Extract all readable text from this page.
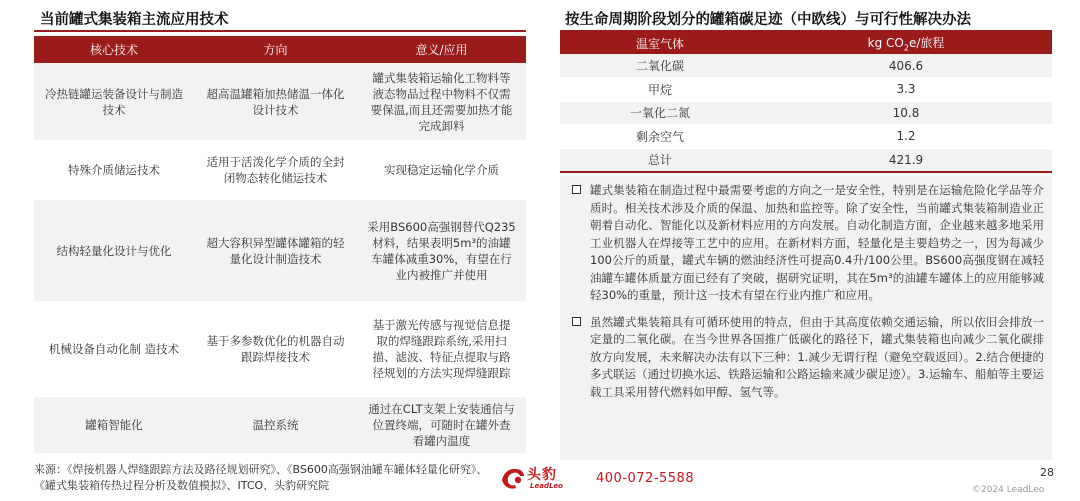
当前罐式集装箱主流应用技术
核心技术	方向	意义/应用
冷热链罐运装备设计与制造技术	超高温罐箱加热储温一体化设计技术	罐式集装箱运输化工物料等液态物品过程中物料不仅需要保温,而且还需要加热才能完成卸料
特殊介质储运技术	适用于活泼化学介质的全封闭物态转化储运技术	实现稳定运输化学介质
结构轻量化设计与优化	超大容积异型罐体罐箱的轻量化设计制造技术	采用BS600高强钢替代Q235材料，结果表明5m³的油罐车罐体减重30%，有望在行业内被推广并使用
机械设备自动化制 造技术	基于多参数优化的机器自动跟踪焊接技术	基于激光传感与视觉信息提取的焊缝跟踪系统,采用扫描、滤波、特征点提取与路径规划的方法实现焊缝跟踪
罐箱智能化	温控系统	通过在CLT支架上安装通信与位置终端，可随时在罐外查看罐内温度
按生命周期阶段划分的罐箱碳足迹（中欧线）与可行性解决办法
温室气体	kg $CO_2e/$旅程
二氧化碳	406.6
甲烷	3.3
一氧化二氮	10.8
剩余空气	1.2
总计	421.9
罐式集装箱在制造过程中最需要考虑的方向之一是安全性，特别是在运输危险化学品等介质时。相关技术涉及介质的保温、加热和监控等。除了安全性，当前罐式集装箱制造业正朝着自动化、智能化以及新材料应用的方向发展。自动化制造方面，企业越来越多地采用工业机器人在焊接等工艺中的应用。在新材料方面，轻量化是主要趋势之一，因为每减少100公斤的质量，罐式车辆的燃油经济性可提高0.4升/100公里。BS600高强度钢在减轻油罐车罐体质量方面已经有了突破，据研究证明，其在5m³的油罐车罐体上的应用能够减轻30%的重量，预计这一技术有望在行业内推广和应用。
虽然罐式集装箱具有可循环使用的特点，但由于其高度依赖交通运输，所以依旧会排放一定量的二氧化碳。在当今世界各国推广低碳化的路径下，罐式集装箱也向减少二氧化碳排放方向发展，未来解决办法有以下三种：1.减少无谓行程（避免空载返回）。2.结合便捷的多式联运（通过切换水运、铁路运输和公路运输来减少碳足迹）。3.运输车、船舶等主要运载工具采用替代燃料如甲醇、氢气等。
来源：《焊接机器人焊缝跟踪方法及路径规划研究》、《BS600高强钢油罐车罐体轻量化研究》、《罐式集装箱传热过程分析及数值模拟》、ITCO、头豹研究院
头豹
LeadLeo	400-072-5588	28
©2024 LeadLeo
